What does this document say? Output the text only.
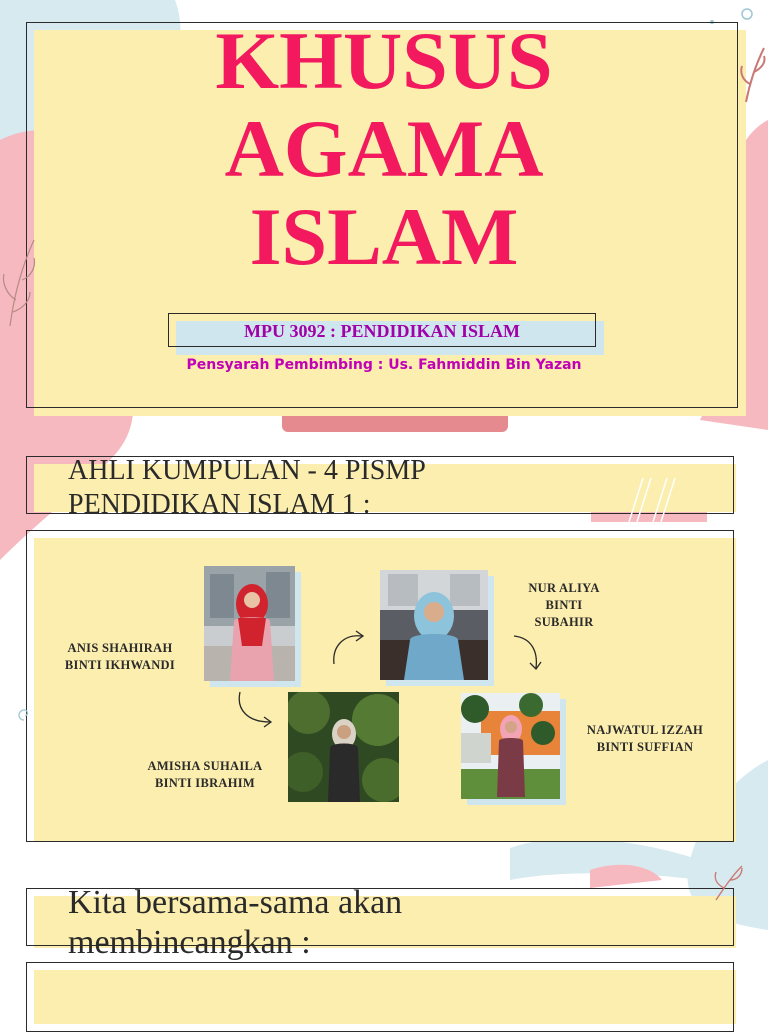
KHUSUS
AGAMA
ISLAM
MPU 3092 : PENDIDIKAN ISLAM
Pensyarah Pembimbing : Us. Fahmiddin Bin Yazan
AHLI KUMPULAN - 4 PISMP
PENDIDIKAN ISLAM 1 :
ANIS SHAHIRAH
BINTI IKHWANDI
NUR ALIYA
BINTI
SUBAHIR
AMISHA SUHAILA
BINTI IBRAHIM
NAJWATUL IZZAH
BINTI SUFFIAN
Kita bersama-sama akan
membincangkan :
